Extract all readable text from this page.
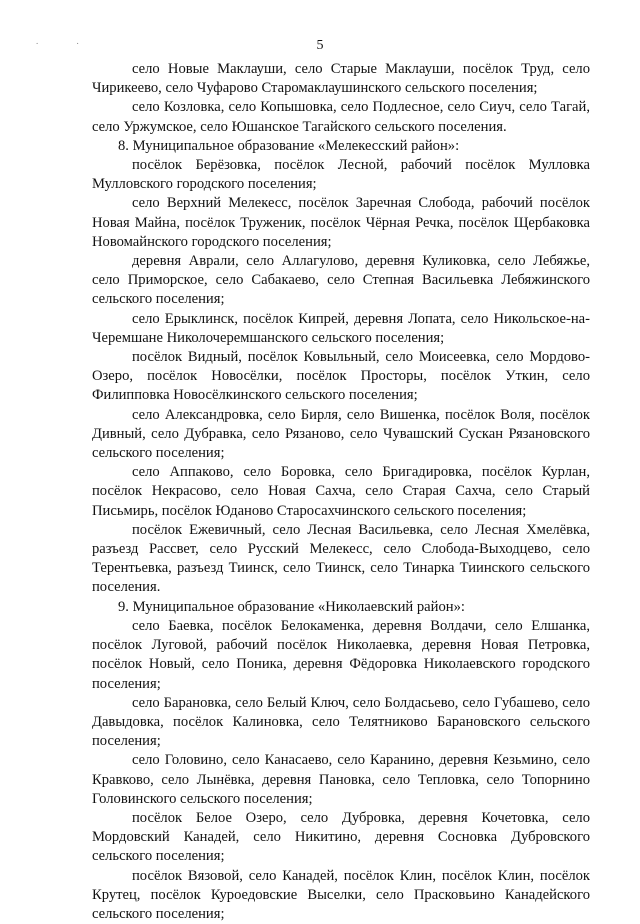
. .	5

село Новые Маклауши, село Старые Маклауши, посёлок Труд, село Чирикеево, село Чуфарово Старомаклаушинского сельского поселения;

село Козловка, село Копышовка, село Подлесное, село Сиуч, село Тагай, село Уржумское, село Юшанское Тагайского сельского поселения.

8. Муниципальное образование «Мелекесский район»:

посёлок Берёзовка, посёлок Лесной, рабочий посёлок Мулловка Мулловского городского поселения;

село Верхний Мелекесс, посёлок Заречная Слобода, рабочий посёлок Новая Майна, посёлок Труженик, посёлок Чёрная Речка, посёлок Щербаковка Новомайнского городского поселения;

деревня Аврали, село Аллагулово, деревня Куликовка, село Лебяжье, село Приморское, село Сабакаево, село Степная Васильевка Лебяжинского сельского поселения;

село Ерыклинск, посёлок Кипрей, деревня Лопата, село Никольское-на-Черемшане Николочеремшанского сельского поселения;

посёлок Видный, посёлок Ковыльный, село Моисеевка, село Мордово-Озеро, посёлок Новосёлки, посёлок Просторы, посёлок Уткин, село Филипповка Новосёлкинского сельского поселения;

село Александровка, село Бирля, село Вишенка, посёлок Воля, посёлок Дивный, село Дубравка, село Рязаново, село Чувашский Сускан Рязановского сельского поселения;

село Аппаково, село Боровка, село Бригадировка, посёлок Курлан, посёлок Некрасово, село Новая Сахча, село Старая Сахча, село Старый Письмирь, посёлок Юданово Старосахчинского сельского поселения;

посёлок Ежевичный, село Лесная Васильевка, село Лесная Хмелёвка, разъезд Рассвет, село Русский Мелекесс, село Слобода-Выходцево, село Терентьевка, разъезд Тиинск, село Тиинск, село Тинарка Тиинского сельского поселения.

9. Муниципальное образование «Николаевский район»:

село Баевка, посёлок Белокаменка, деревня Волдачи, село Елшанка, посёлок Луговой, рабочий посёлок Николаевка, деревня Новая Петровка, посёлок Новый, село Поника, деревня Фёдоровка Николаевского городского поселения;

село Барановка, село Белый Ключ, село Болдасьево, село Губашево, село Давыдовка, посёлок Калиновка, село Телятниково Барановского сельского поселения;

село Головино, село Канасаево, село Каранино, деревня Кезьмино, село Кравково, село Лынёвка, деревня Пановка, село Тепловка, село Топорнино Головинского сельского поселения;

посёлок Белое Озеро, село Дубровка, деревня Кочетовка, село Мордовский Канадей, село Никитино, деревня Сосновка Дубровского сельского поселения;

посёлок Вязовой, село Канадей, посёлок Клин, посёлок Клин, посёлок Крутец, посёлок Куроедовские Выселки, село Прасковьино Канадейского сельского поселения;
